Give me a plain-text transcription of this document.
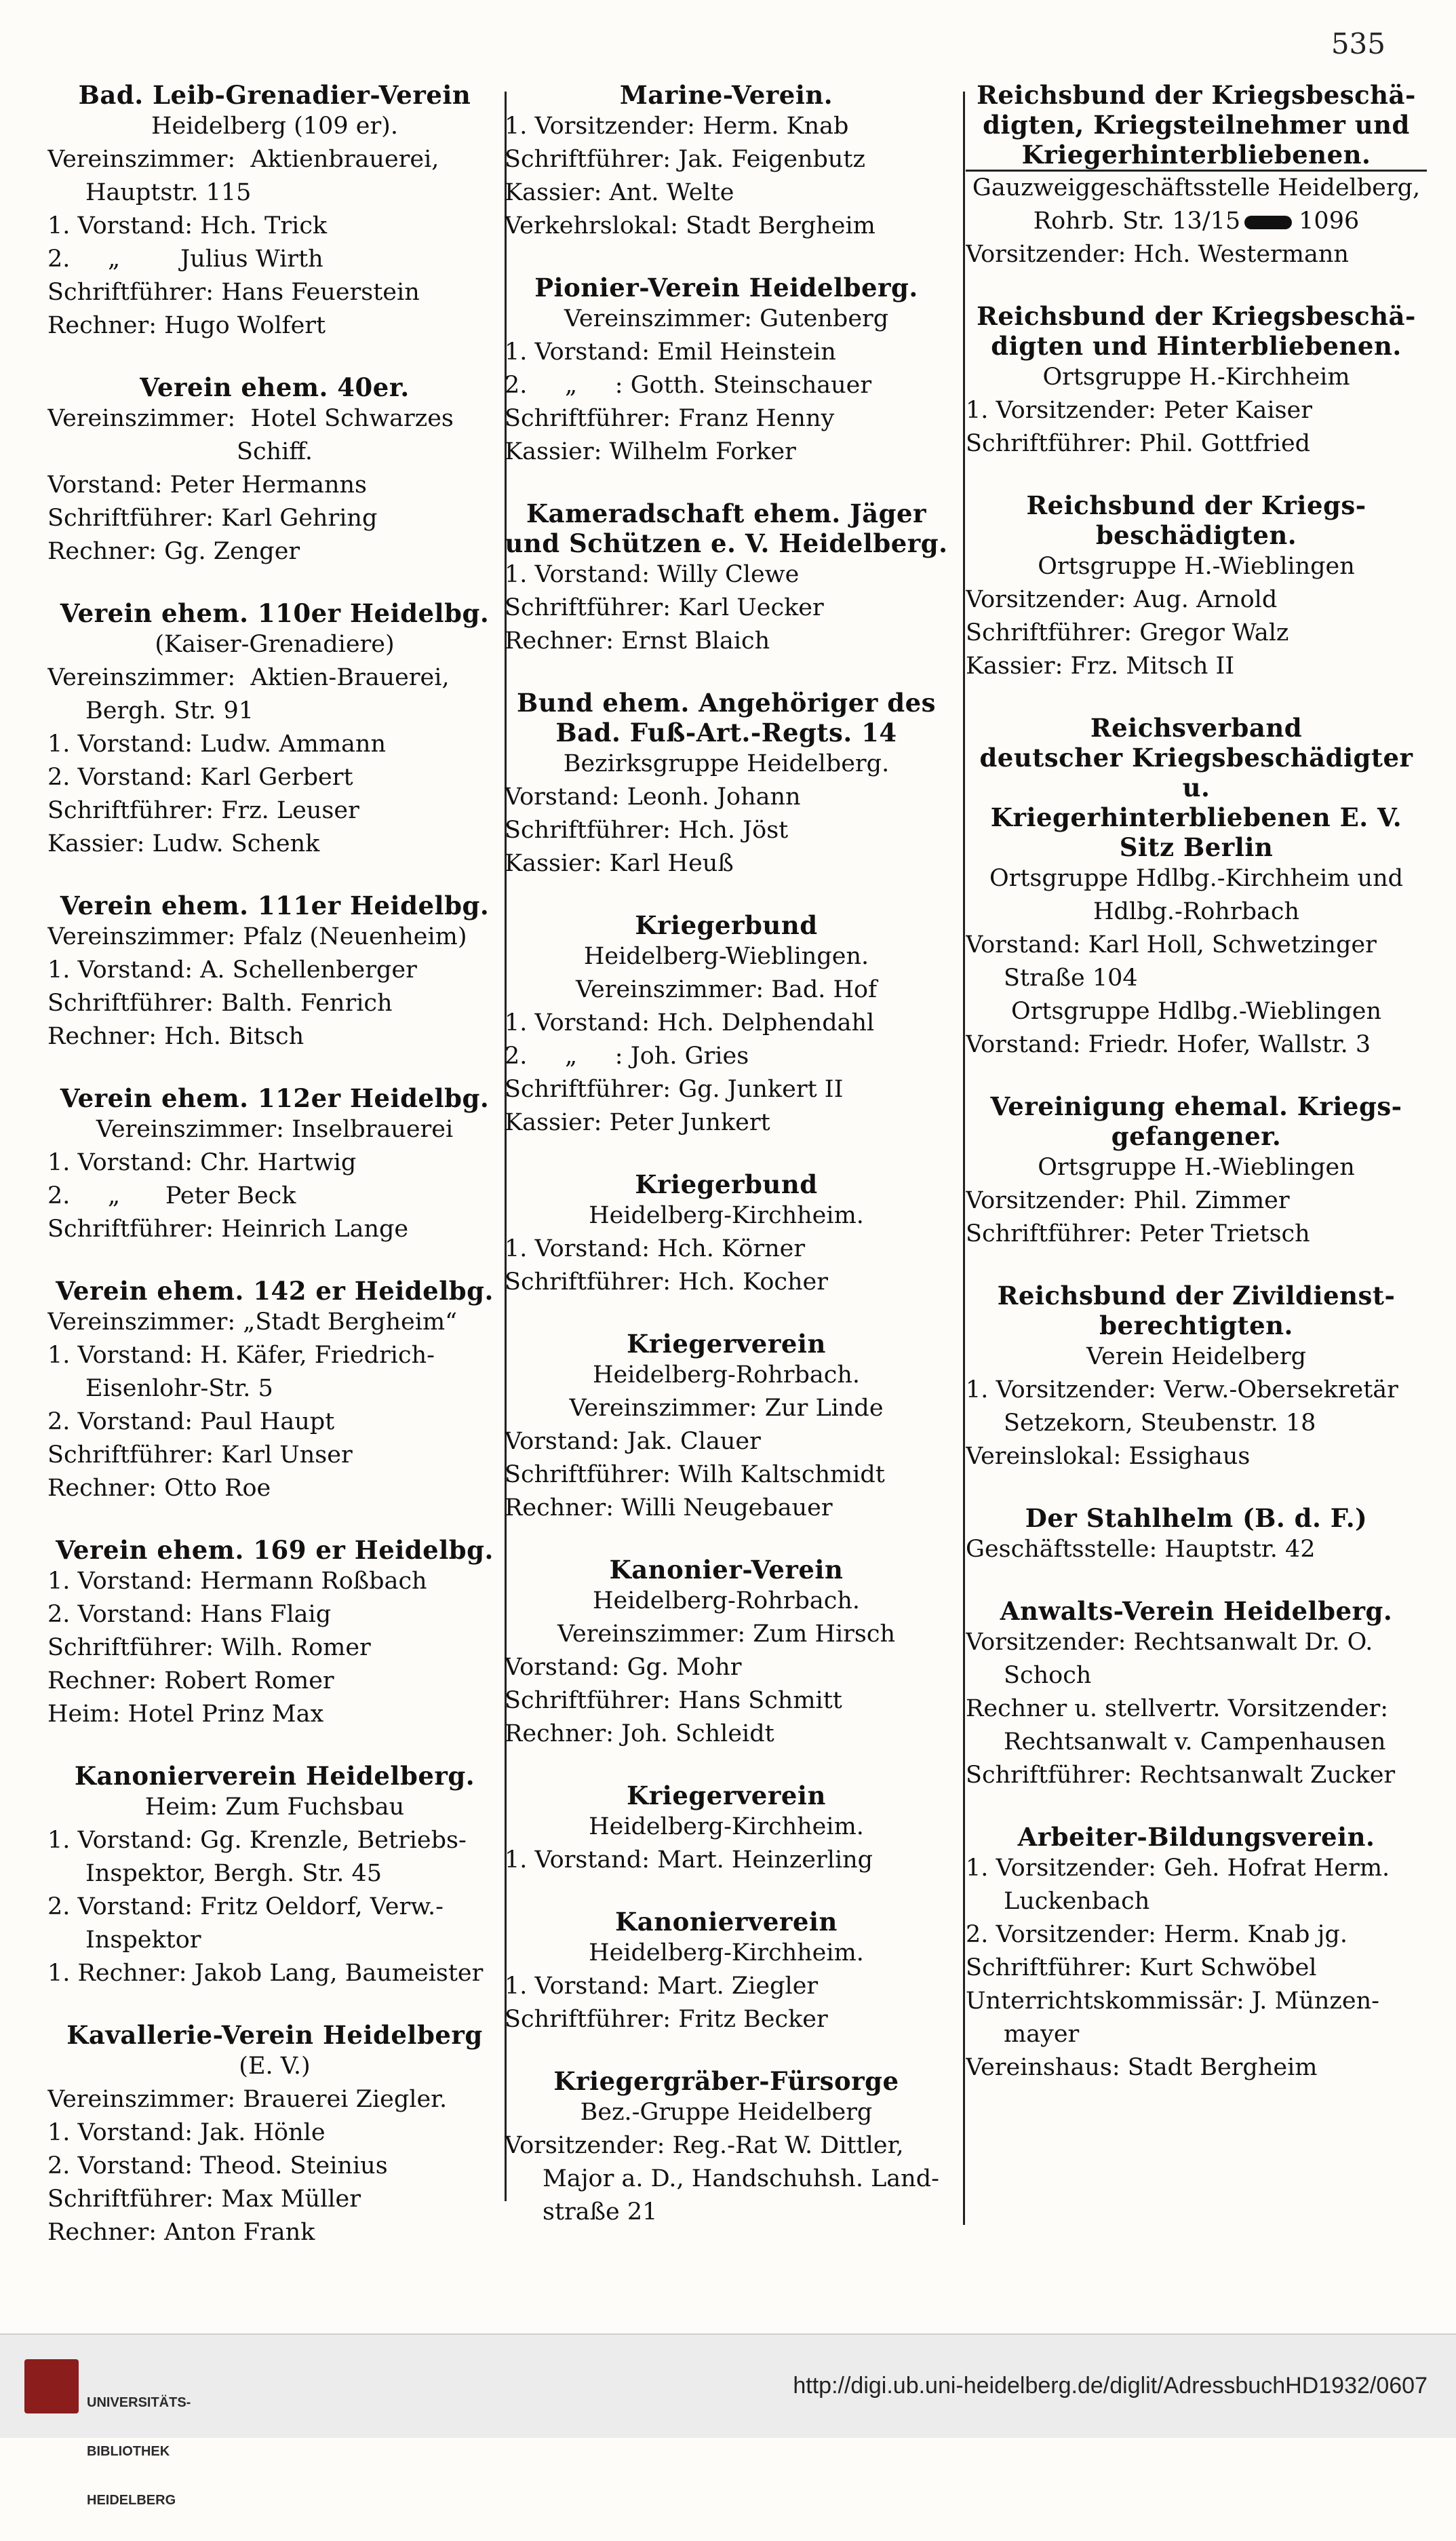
535
Bad. Leib-Grenadier-Verein
Heidelberg (109 er).
Vereinszimmer:  Aktienbrauerei,
Hauptstr. 115
1. Vorstand: Hch. Trick
2.     „        Julius Wirth
Schriftführer: Hans Feuerstein
Rechner: Hugo Wolfert
Verein ehem. 40er.
Vereinszimmer:  Hotel Schwarzes
Schiff.
Vorstand: Peter Hermanns
Schriftführer: Karl Gehring
Rechner: Gg. Zenger
Verein ehem. 110er Heidelbg.
(Kaiser-Grenadiere)
Vereinszimmer:  Aktien-Brauerei,
Bergh. Str. 91
1. Vorstand: Ludw. Ammann
2. Vorstand: Karl Gerbert
Schriftführer: Frz. Leuser
Kassier: Ludw. Schenk
Verein ehem. 111er Heidelbg.
Vereinszimmer: Pfalz (Neuenheim)
1. Vorstand: A. Schellenberger
Schriftführer: Balth. Fenrich
Rechner: Hch. Bitsch
Verein ehem. 112er Heidelbg.
Vereinszimmer: Inselbrauerei
1. Vorstand: Chr. Hartwig
2.     „      Peter Beck
Schriftführer: Heinrich Lange
Verein ehem. 142 er Heidelbg.
Vereinszimmer: „Stadt Bergheim“
1. Vorstand: H. Käfer, Friedrich-
Eisenlohr-Str. 5
2. Vorstand: Paul Haupt
Schriftführer: Karl Unser
Rechner: Otto Roe
Verein ehem. 169 er Heidelbg.
1. Vorstand: Hermann Roßbach
2. Vorstand: Hans Flaig
Schriftführer: Wilh. Romer
Rechner: Robert Romer
Heim: Hotel Prinz Max
Kanonierverein Heidelberg.
Heim: Zum Fuchsbau
1. Vorstand: Gg. Krenzle, Betriebs-
Inspektor, Bergh. Str. 45
2. Vorstand: Fritz Oeldorf, Verw.-
Inspektor
1. Rechner: Jakob Lang, Baumeister
Kavallerie-Verein Heidelberg
(E. V.)
Vereinszimmer: Brauerei Ziegler.
1. Vorstand: Jak. Hönle
2. Vorstand: Theod. Steinius
Schriftführer: Max Müller
Rechner: Anton Frank
Marine-Verein.
1. Vorsitzender: Herm. Knab
Schriftführer: Jak. Feigenbutz
Kassier: Ant. Welte
Verkehrslokal: Stadt Bergheim
Pionier-Verein Heidelberg.
Vereinszimmer: Gutenberg
1. Vorstand: Emil Heinstein
2.     „     : Gotth. Steinschauer
Schriftführer: Franz Henny
Kassier: Wilhelm Forker
Kameradschaft ehem. Jäger
und Schützen e. V. Heidelberg.
1. Vorstand: Willy Clewe
Schriftführer: Karl Uecker
Rechner: Ernst Blaich
Bund ehem. Angehöriger des
Bad. Fuß-Art.-Regts. 14
Bezirksgruppe Heidelberg.
Vorstand: Leonh. Johann
Schriftführer: Hch. Jöst
Kassier: Karl Heuß
Kriegerbund
Heidelberg-Wieblingen.
Vereinszimmer: Bad. Hof
1. Vorstand: Hch. Delphendahl
2.     „     : Joh. Gries
Schriftführer: Gg. Junkert II
Kassier: Peter Junkert
Kriegerbund
Heidelberg-Kirchheim.
1. Vorstand: Hch. Körner
Schriftführer: Hch. Kocher
Kriegerverein
Heidelberg-Rohrbach.
Vereinszimmer: Zur Linde
Vorstand: Jak. Clauer
Schriftführer: Wilh Kaltschmidt
Rechner: Willi Neugebauer
Kanonier-Verein
Heidelberg-Rohrbach.
Vereinszimmer: Zum Hirsch
Vorstand: Gg. Mohr
Schriftführer: Hans Schmitt
Rechner: Joh. Schleidt
Kriegerverein
Heidelberg-Kirchheim.
1. Vorstand: Mart. Heinzerling
Kanonierverein
Heidelberg-Kirchheim.
1. Vorstand: Mart. Ziegler
Schriftführer: Fritz Becker
Kriegergräber-Fürsorge
Bez.-Gruppe Heidelberg
Vorsitzender: Reg.-Rat W. Dittler,
Major a. D., Handschuhsh. Land-
straße 21
Reichsbund der Kriegsbeschä-
digten, Kriegsteilnehmer und
Kriegerhinterbliebenen.
Gauzweiggeschäftsstelle Heidelberg,
Rohrb. Str. 13/15 1096
Vorsitzender: Hch. Westermann
Reichsbund der Kriegsbeschä-
digten und Hinterbliebenen.
Ortsgruppe H.-Kirchheim
1. Vorsitzender: Peter Kaiser
Schriftführer: Phil. Gottfried
Reichsbund der Kriegs-
beschädigten.
Ortsgruppe H.-Wieblingen
Vorsitzender: Aug. Arnold
Schriftführer: Gregor Walz
Kassier: Frz. Mitsch II
Reichsverband
deutscher Kriegsbeschädigter u.
Kriegerhinterbliebenen E. V.
Sitz Berlin
Ortsgruppe Hdlbg.-Kirchheim und
Hdlbg.-Rohrbach
Vorstand: Karl Holl, Schwetzinger
Straße 104
Ortsgruppe Hdlbg.-Wieblingen
Vorstand: Friedr. Hofer, Wallstr. 3
Vereinigung ehemal. Kriegs-
gefangener.
Ortsgruppe H.-Wieblingen
Vorsitzender: Phil. Zimmer
Schriftführer: Peter Trietsch
Reichsbund der Zivildienst-
berechtigten.
Verein Heidelberg
1. Vorsitzender: Verw.-Obersekretär
Setzekorn, Steubenstr. 18
Vereinslokal: Essighaus
Der Stahlhelm (B. d. F.)
Geschäftsstelle: Hauptstr. 42
Anwalts-Verein Heidelberg.
Vorsitzender: Rechtsanwalt Dr. O.
Schoch
Rechner u. stellvertr. Vorsitzender:
Rechtsanwalt v. Campenhausen
Schriftführer: Rechtsanwalt Zucker
Arbeiter-Bildungsverein.
1. Vorsitzender: Geh. Hofrat Herm.
Luckenbach
2. Vorsitzender: Herm. Knab jg.
Schriftführer: Kurt Schwöbel
Unterrichtskommissär: J. Münzen-
mayer
Vereinshaus: Stadt Bergheim

UNIVERSITÄTS-

BIBLIOTHEK

HEIDELBERG

http://digi.ub.uni-heidelberg.de/diglit/AdressbuchHD1932/0607
